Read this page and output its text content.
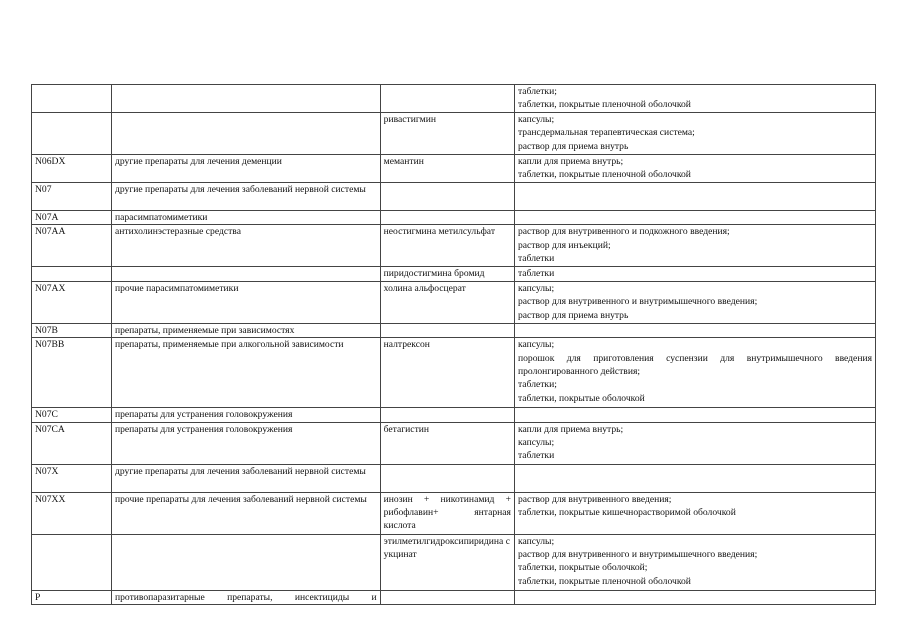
			таблетки;
таблетки, покрытые пленочной оболочкой

		ривастигмин	капсулы;
трансдермальная терапевтическая система;
раствор для приема внутрь

N06DX	другие препараты для лечения деменции	мемантин	капли для приема внутрь;
таблетки, покрытые пленочной оболочкой

N07	другие препараты для лечения заболеваний нервной системы		
N07A	парасимпатомиметики		
N07AA	антихолинэстеразные средства	неостигмина метилсульфат	раствор для внутривенного и подкожного введения;
раствор для инъекций;
таблетки

		пиридостигмина бромид	таблетки

N07AX	прочие парасимпатомиметики	холина альфосцерат	капсулы;
раствор для внутривенного и внутримышечного введения;
раствор для приема внутрь

N07B	препараты, применяемые при зависимостях		
N07BB	препараты, применяемые при алкогольной зависимости	налтрексон	капсулы;
порошок для приготовления суспензии для внутримышечного введения пролонгированного действия;
таблетки;
таблетки, покрытые оболочкой

N07C	препараты для устранения головокружения		
N07CA	препараты для устранения головокружения	бетагистин	капли для приема внутрь;
капсулы;
таблетки

N07X	другие препараты для лечения заболеваний нервной системы		
N07XX	прочие препараты для лечения заболеваний нервной системы	инозин + никотинамид + рибофлавин+ янтарная кислота	раствор для внутривенного введения;
таблетки, покрытые кишечнорастворимой оболочкой

		этилметилгидроксипиридина сукцинат	капсулы;
раствор для внутривенного и внутримышечного введения;
таблетки, покрытые оболочкой;
таблетки, покрытые пленочной оболочкой

P	противопаразитарные препараты, инсектициды и		
